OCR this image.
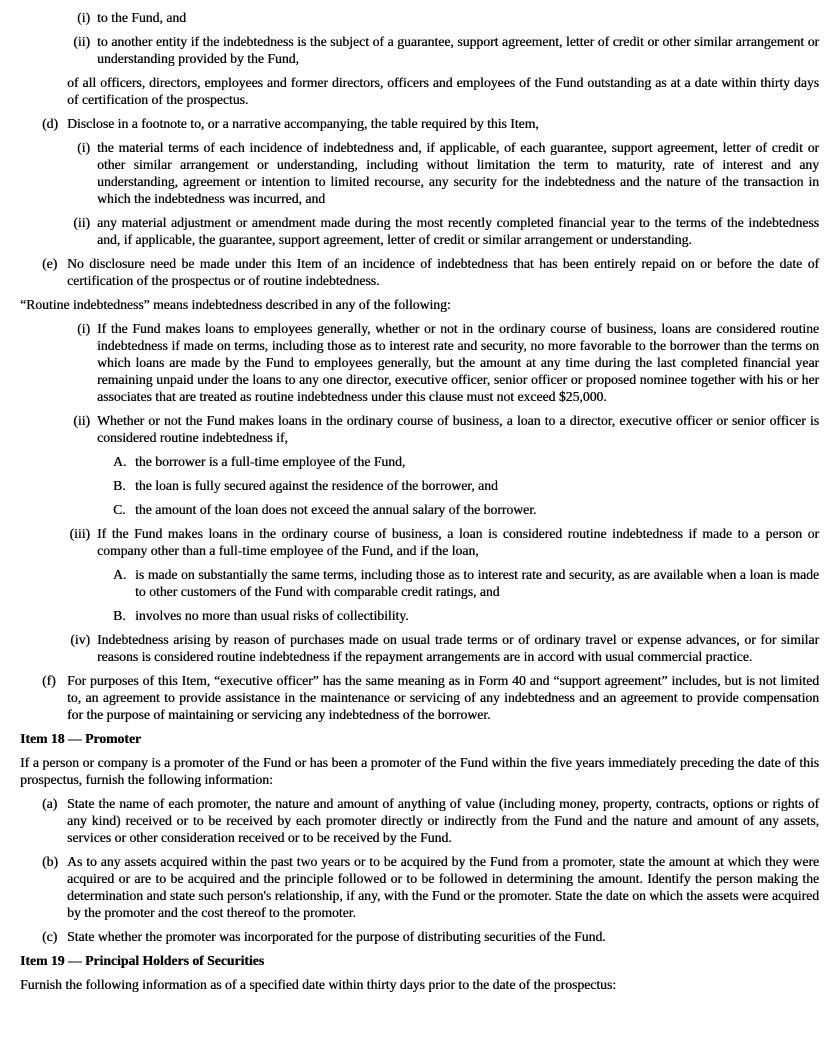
(i) to the Fund, and
(ii) to another entity if the indebtedness is the subject of a guarantee, support agreement, letter of credit or other similar arrangement or understanding provided by the Fund,
of all officers, directors, employees and former directors, officers and employees of the Fund outstanding as at a date within thirty days of certification of the prospectus.
(d) Disclose in a footnote to, or a narrative accompanying, the table required by this Item,
(i) the material terms of each incidence of indebtedness and, if applicable, of each guarantee, support agreement, letter of credit or other similar arrangement or understanding, including without limitation the term to maturity, rate of interest and any understanding, agreement or intention to limited recourse, any security for the indebtedness and the nature of the transaction in which the indebtedness was incurred, and
(ii) any material adjustment or amendment made during the most recently completed financial year to the terms of the indebtedness and, if applicable, the guarantee, support agreement, letter of credit or similar arrangement or understanding.
(e) No disclosure need be made under this Item of an incidence of indebtedness that has been entirely repaid on or before the date of certification of the prospectus or of routine indebtedness.
“Routine indebtedness” means indebtedness described in any of the following:
(i) If the Fund makes loans to employees generally, whether or not in the ordinary course of business, loans are considered routine indebtedness if made on terms, including those as to interest rate and security, no more favorable to the borrower than the terms on which loans are made by the Fund to employees generally, but the amount at any time during the last completed financial year remaining unpaid under the loans to any one director, executive officer, senior officer or proposed nominee together with his or her associates that are treated as routine indebtedness under this clause must not exceed $25,000.
(ii) Whether or not the Fund makes loans in the ordinary course of business, a loan to a director, executive officer or senior officer is considered routine indebtedness if,
A. the borrower is a full-time employee of the Fund,
B. the loan is fully secured against the residence of the borrower, and
C. the amount of the loan does not exceed the annual salary of the borrower.
(iii) If the Fund makes loans in the ordinary course of business, a loan is considered routine indebtedness if made to a person or company other than a full-time employee of the Fund, and if the loan,
A. is made on substantially the same terms, including those as to interest rate and security, as are available when a loan is made to other customers of the Fund with comparable credit ratings, and
B. involves no more than usual risks of collectibility.
(iv) Indebtedness arising by reason of purchases made on usual trade terms or of ordinary travel or expense advances, or for similar reasons is considered routine indebtedness if the repayment arrangements are in accord with usual commercial practice.
(f) For purposes of this Item, “executive officer” has the same meaning as in Form 40 and “support agreement” includes, but is not limited to, an agreement to provide assistance in the maintenance or servicing of any indebtedness and an agreement to provide compensation for the purpose of maintaining or servicing any indebtedness of the borrower.
Item 18 — Promoter
If a person or company is a promoter of the Fund or has been a promoter of the Fund within the five years immediately preceding the date of this prospectus, furnish the following information:
(a) State the name of each promoter, the nature and amount of anything of value (including money, property, contracts, options or rights of any kind) received or to be received by each promoter directly or indirectly from the Fund and the nature and amount of any assets, services or other consideration received or to be received by the Fund.
(b) As to any assets acquired within the past two years or to be acquired by the Fund from a promoter, state the amount at which they were acquired or are to be acquired and the principle followed or to be followed in determining the amount. Identify the person making the determination and state such person's relationship, if any, with the Fund or the promoter. State the date on which the assets were acquired by the promoter and the cost thereof to the promoter.
(c) State whether the promoter was incorporated for the purpose of distributing securities of the Fund.
Item 19 — Principal Holders of Securities
Furnish the following information as of a specified date within thirty days prior to the date of the prospectus:
